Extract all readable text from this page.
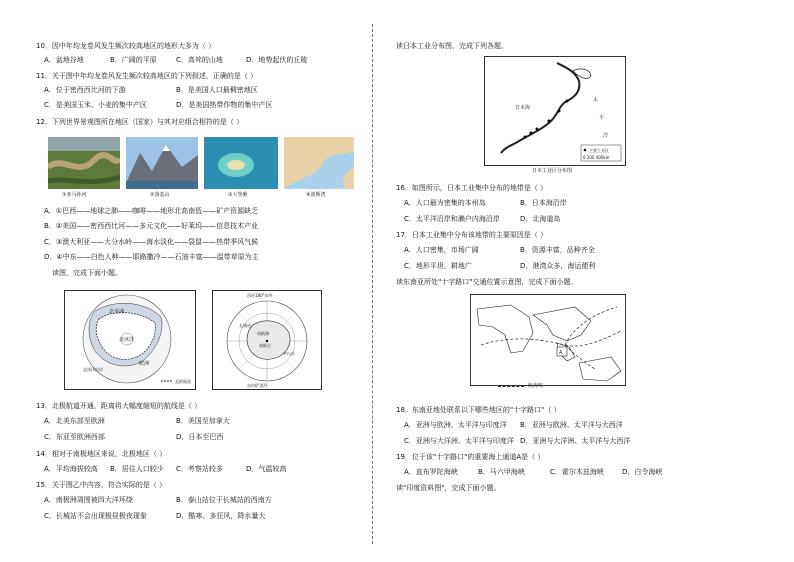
10．因中年均龙卷风发生频次较高地区的地形大多为（ ）
A．盆地谷地	B．广阔的平原	C．高耸的山地	D．地势起伏的丘陵
11．关于图中年均龙卷风发生频次较高地区的下列叙述，正确的是（ ）
A．位于密西西比河的下游	B．是美国人口最稠密地区
C．是美国玉米、小麦的集中产区	D．是美国热带作物的集中产区
12．下列世界景观图所在地区（国家）与其对应组合相符的是（ ）
①亚马孙河	②落基山	③大堡礁	④波斯湾
A．①巴西——地球之肺——咖啡——地形北高南低——矿产资源缺乏
B．②美国——密西西比河——多元文化——好莱坞——信息技术产业
C．③澳大利亚——大分水岭——海水淡化——袋鼠——热带季风气候
D．④中东——白色人种——耶路撒冷——石油丰富——温带草原为主
读图，完成下面小题。
北美洲
北冰洋
欧洲
北冰洋沿岸
北极航道
西经180°东经
南极洲
南极点
长城站
中山站
东经0°西经
13．北极航道开通，距离将大幅度缩短的航线是（ ）
A．北美东部至欧洲	B．美国至加拿大
C．东亚至欧洲西部	D．日本至巴西
14．相对于南极地区来说，北极地区（ ）
A．平均海拔较高 B．居住人口较少 C．考察站较多	D．气温较高
15．关于图乙中内容，符合实际的是（ ）
A．南极洲周围被四大洋环绕	B．泰山站位于长城站的西南方
C．长城站不会出现极昼极夜现象	D．酷寒、多狂风，降水量大
读日本工业分布图，完成下列各题。
日本海
太
平
洋
主要工业区
0 200 400km
日本工业区分布图
16．如图所示，日本工业集中分布的地带是（ ）
A．人口最为密集的本州岛	B．日本海沿岸
C．太平洋沿岸和濑户内海沿岸	D．北海道岛
17．日本工业集中分布该地带的主要原因是（ ）
A．人口密集，市场广阔	B．资源丰富，品种齐全
C．地形平坦，耕地广	D．港湾众多，海运便利
读东南亚所处"十字路口"交通位置示意图，完成下面小题。
A
航海线
18．东南亚地处联系以下哪些地区的"十字路口"（ ）
A．亚洲与欧洲、太平洋与印度洋 B．亚洲与欧洲、太平洋与大西洋
C．亚洲与大洋洲、太平洋与印度洋 D．亚洲与大洋洲、太平洋与大西洋
19．位于该"十字路口"的重要海上通道A是（ ）
A．直布罗陀海峡	B．马六甲海峡	C．霍尔木兹海峡	D．白令海峡
读"印度资料图"，完成下面小题。
